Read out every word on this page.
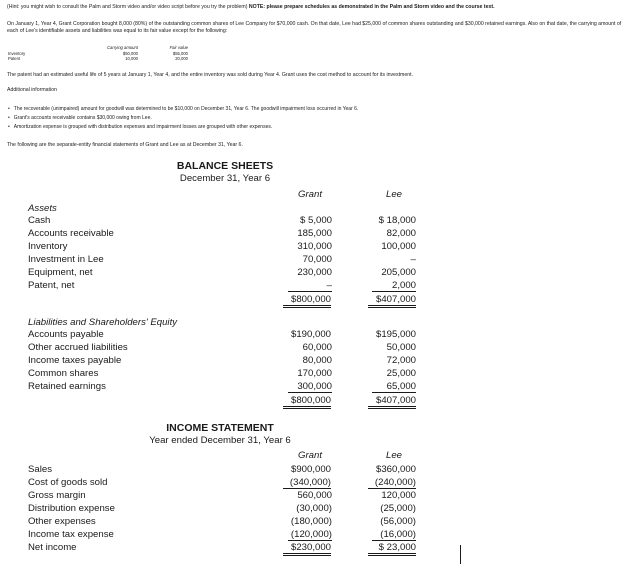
(Hint: you might wish to consult the Palm and Storm video and/or video script before you try the problem) NOTE: please prepare schedules as demonstrated in the Palm and Storm video and the course text.
On January 1, Year 4, Grant Corporation bought 8,000 (80%) of the outstanding common shares of Lee Company for $70,000 cash. On that date, Lee had $25,000 of common shares outstanding and $30,000 retained earnings. Also on that date, the carrying amount of each of Lee's identifiable assets and liabilities was equal to its fair value except for the following:
Carrying amount	Fair value
Inventory	$50,000	$55,000
Patent	10,000	20,000
The patent had an estimated useful life of 5 years at January 1, Year 4, and the entire inventory was sold during Year 4. Grant uses the cost method to account for its investment.
Additional information
• The recoverable (unimpaired) amount for goodwill was determined to be $10,000 on December 31, Year 6. The goodwill impairment loss occurred in Year 6.
• Grant's accounts receivable contains $30,000 owing from Lee.
• Amortization expense is grouped with distribution expenses and impairment losses are grouped with other expenses.
The following are the separate-entity financial statements of Grant and Lee as at December 31, Year 6.
BALANCE SHEETS
December 31, Year 6
Grant	Lee
Assets
Cash	$ 5,000	$ 18,000
Accounts receivable	185,000	82,000
Inventory	310,000	100,000
Investment in Lee	70,000	–
Equipment, net	230,000	205,000
Patent, net	–	2,000
$800,000	$407,000
Liabilities and Shareholders' Equity
Accounts payable	$190,000	$195,000
Other accrued liabilities	60,000	50,000
Income taxes payable	80,000	72,000
Common shares	170,000	25,000
Retained earnings	300,000	65,000
$800,000	$407,000
INCOME STATEMENT
Year ended December 31, Year 6
Grant	Lee
Sales	$900,000	$360,000
Cost of goods sold	(340,000)	(240,000)
Gross margin	560,000	120,000
Distribution expense	(30,000)	(25,000)
Other expenses	(180,000)	(56,000)
Income tax expense	(120,000)	(16,000)
Net income	$230,000	$ 23,000
